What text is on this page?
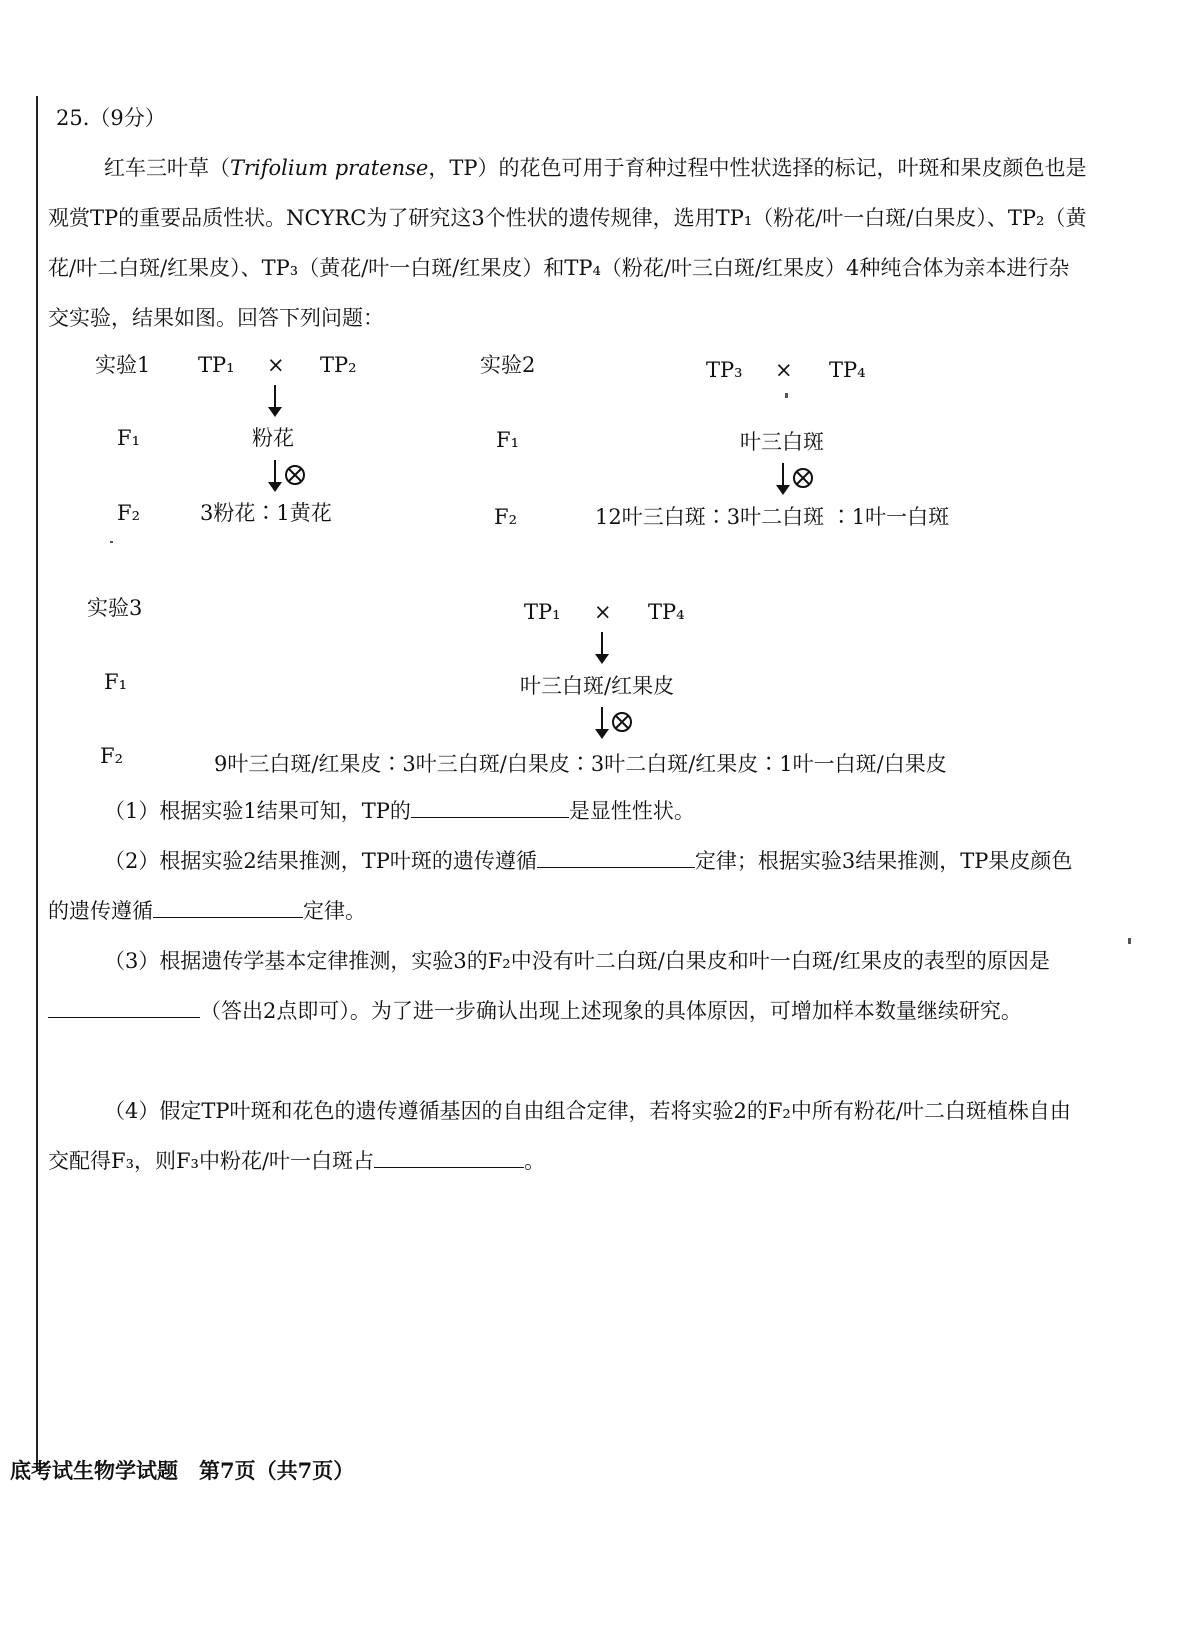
25.（9分）
红车三叶草（Trifolium pratense，TP）的花色可用于育种过程中性状选择的标记，叶斑和果皮颜色也是观赏TP的重要品质性状。NCYRC为了研究这3个性状的遗传规律，选用TP₁（粉花/叶一白斑/白果皮）、TP₂（黄花/叶二白斑/红果皮）、TP₃（黄花/叶一白斑/红果皮）和TP₄（粉花/叶三白斑/红果皮）4种纯合体为亲本进行杂交实验，结果如图。回答下列问题：
实验1 TP₁ × TP₂
F₁	粉花
F₂	3粉花∶1黄花
实验2	TP₃ × TP₄
F₁	叶三白斑
F₂	12叶三白斑∶3叶二白斑 ∶1叶一白斑
实验3	TP₁ × TP₄
F₁	叶三白斑/红果皮
F₂	9叶三白斑/红果皮∶3叶三白斑/白果皮∶3叶二白斑/红果皮∶1叶一白斑/白果皮
（1）根据实验1结果可知，TP的	是显性性状。
（2）根据实验2结果推测，TP叶斑的遗传遵循	定律；根据实验3结果推测，TP果皮颜色的遗传遵循	定律。
（3）根据遗传学基本定律推测，实验3的F₂中没有叶二白斑/白果皮和叶一白斑/红果皮的表型的原因是（答出2点即可）。为了进一步确认出现上述现象的具体原因，可增加样本数量继续研究。
（4）假定TP叶斑和花色的遗传遵循基因的自由组合定律，若将实验2的F₂中所有粉花/叶二白斑植株自由交配得F₃，则F₃中粉花/叶一白斑占	。
底考试生物学试题　第7页（共7页）
